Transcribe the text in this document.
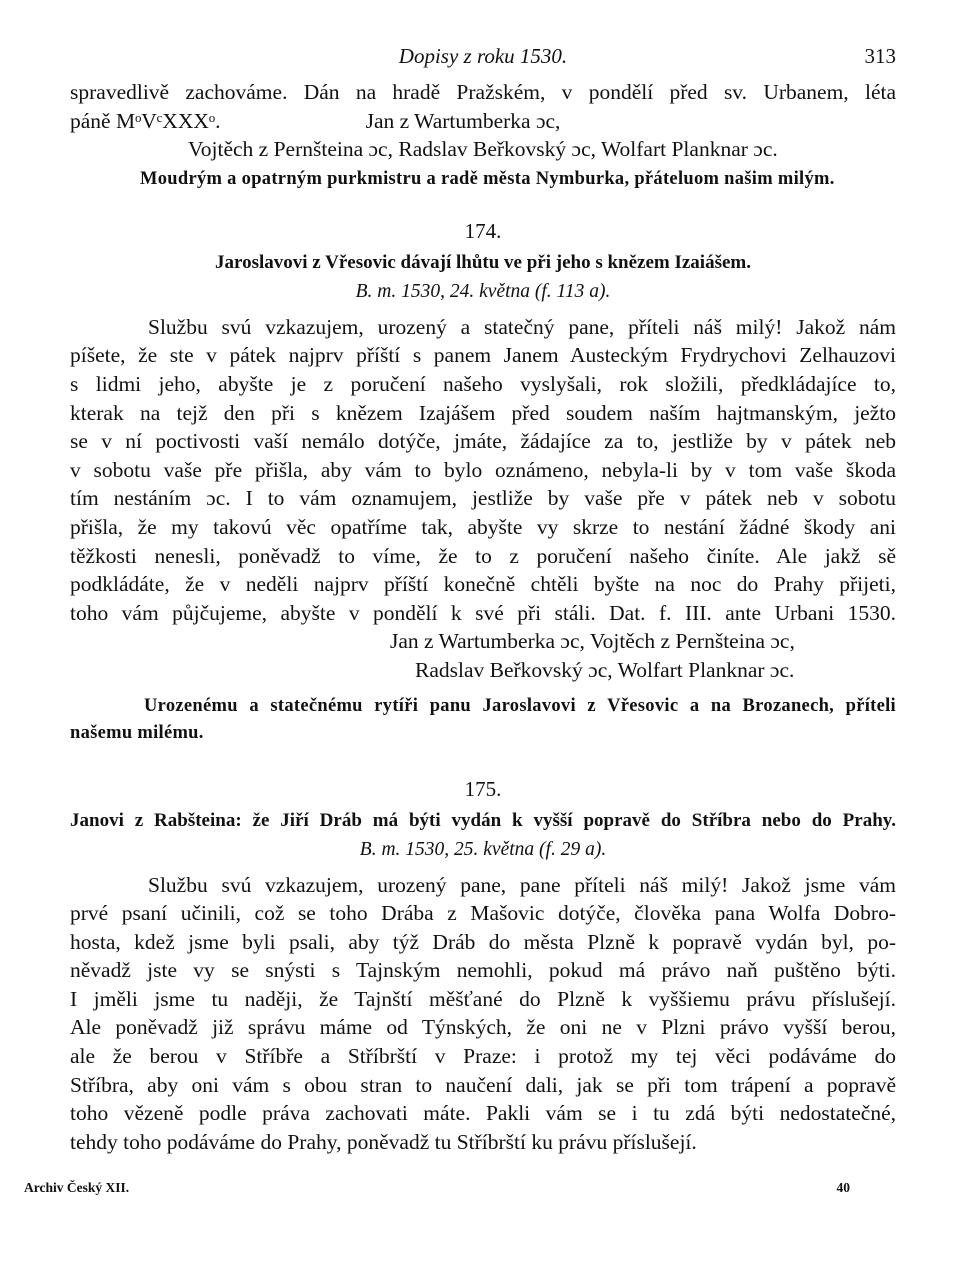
Dopisy z roku 1530.	313
spravedlivě zachováme. Dán na hradě Pražském, v pondělí před sv. Urbanem, léta
páně MᵒVᶜXXXᵒ.                           Jan z Wartumberka ɔc,
Vojtěch z Pernšteina ɔc, Radslav Beřkovský ɔc, Wolfart Planknar ɔc.
Moudrým a opatrným purkmistru a radě města Nymburka, přáteluom našim milým.
174.
Jaroslavovi z Vřesovic dávají lhůtu ve při jeho s knězem Izaiášem.
B. m. 1530, 24. května (f. 113 a).
Službu svú vzkazujem, urozený a statečný pane, příteli náš milý! Jakož nám
píšete, že ste v pátek najprv příští s panem Janem Austeckým Frydrychovi Zelhauzovi
s lidmi jeho, abyšte je z poručení našeho vyslyšali, rok složili, předkládajíce to,
kterak na tejž den při s knězem Izajášem před soudem naším hajtmanským, ježto
se v ní poctivosti vaší nemálo dotýče, jmáte, žádajíce za to, jestliže by v pátek neb
v sobotu vaše pře přišla, aby vám to bylo oznámeno, nebyla-li by v tom vaše škoda
tím nestáním ɔc. I to vám oznamujem, jestliže by vaše pře v pátek neb v sobotu
přišla, že my takovú věc opatříme tak, abyšte vy skrze to nestání žádné škody ani
těžkosti nenesli, poněvadž to víme, že to z poručení našeho činíte. Ale jakž sě
podkládáte, že v neděli najprv příští konečně chtěli byšte na noc do Prahy přijeti,
toho vám půjčujeme, abyšte v pondělí k své při stáli. Dat. f. III. ante Urbani 1530.
Jan z Wartumberka ɔc, Vojtěch z Pernšteina ɔc,
Radslav Beřkovský ɔc, Wolfart Planknar ɔc.
Urozenému a statečnému rytíři panu Jaroslavovi z Vřesovic a na Brozanech, příteli
našemu milému.
175.
Janovi z Rabšteina: že Jiří Dráb má býti vydán k vyšší popravě do Stříbra nebo do Prahy.
B. m. 1530, 25. května (f. 29 a).
Službu svú vzkazujem, urozený pane, pane příteli náš milý! Jakož jsme vám
prvé psaní učinili, což se toho Drába z Mašovic dotýče, člověka pana Wolfa Dobro-
hosta, kdež jsme byli psali, aby týž Dráb do města Plzně k popravě vydán byl, po-
něvadž jste vy se snýsti s Tajnským nemohli, pokud má právo naň puštěno býti.
I jměli jsme tu naději, že Tajnští měšťané do Plzně k vyššiemu právu příslušejí.
Ale poněvadž již správu máme od Týnských, že oni ne v Plzni právo vyšší berou,
ale že berou v Stříbře a Stříbrští v Praze: i protož my tej věci podáváme do
Stříbra, aby oni vám s obou stran to naučení dali, jak se při tom trápení a popravě
toho vězeně podle práva zachovati máte. Pakli vám se i tu zdá býti nedostatečné,
tehdy toho podáváme do Prahy, poněvadž tu Stříbrští ku právu příslušejí.
Archiv Český XII.	40
